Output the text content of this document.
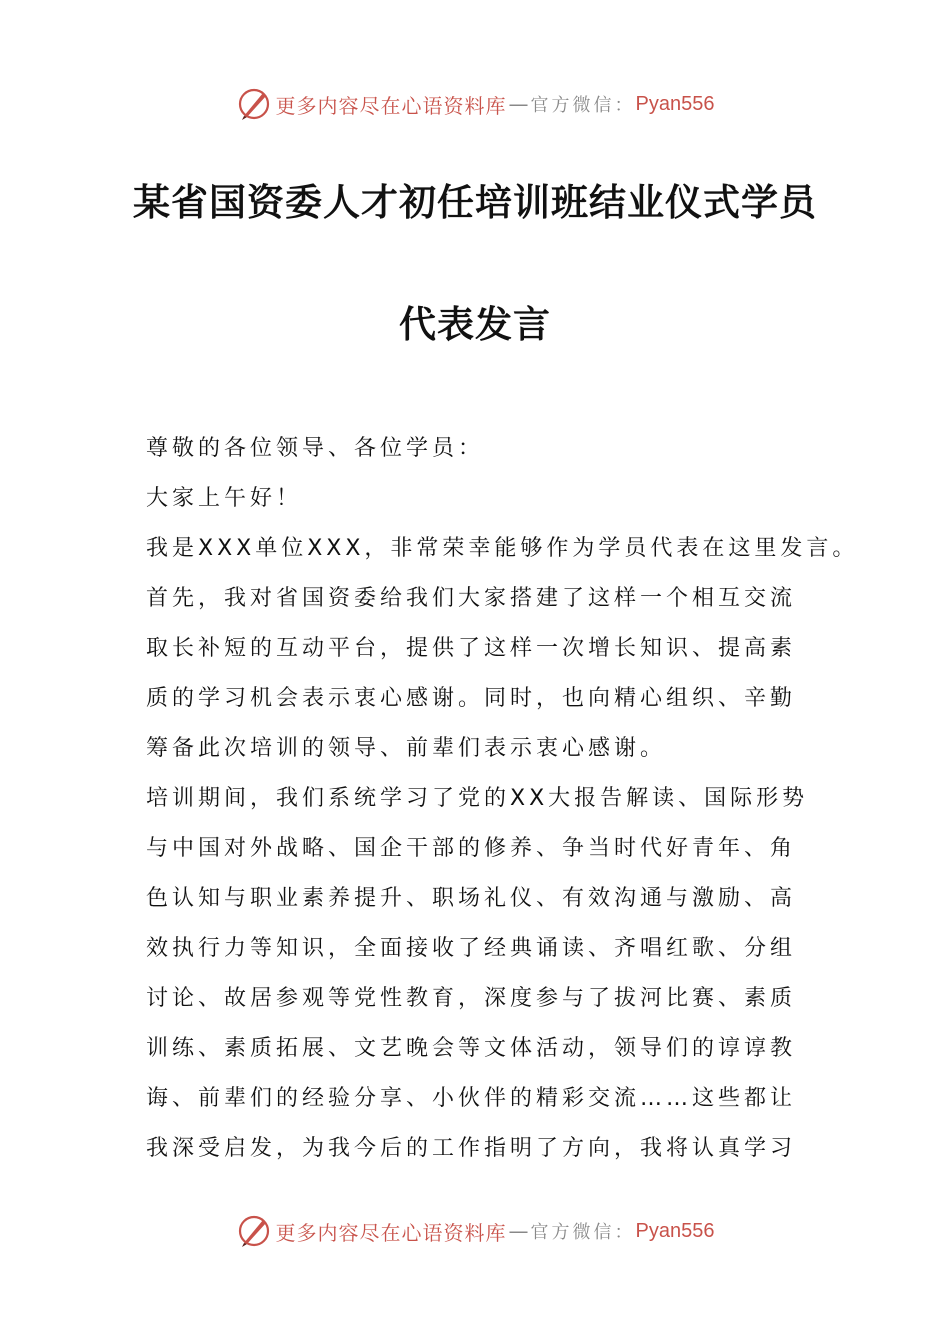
更多内容尽在心语资料库 — 官方微信： Pyan556
某省国资委人才初任培训班结业仪式学员
代表发言

尊敬的各位领导、各位学员：

大家上午好！

我是XXX单位XXX，非常荣幸能够作为学员代表在这里发言。

首先，我对省国资委给我们大家搭建了这样一个相互交流

取长补短的互动平台，提供了这样一次增长知识、提高素

质的学习机会表示衷心感谢。同时，也向精心组织、辛勤

筹备此次培训的领导、前辈们表示衷心感谢。

培训期间，我们系统学习了党的XX大报告解读、国际形势

与中国对外战略、国企干部的修养、争当时代好青年、角

色认知与职业素养提升、职场礼仪、有效沟通与激励、高

效执行力等知识，全面接收了经典诵读、齐唱红歌、分组

讨论、故居参观等党性教育，深度参与了拔河比赛、素质

训练、素质拓展、文艺晚会等文体活动，领导们的谆谆教

诲、前辈们的经验分享、小伙伴的精彩交流……这些都让

我深受启发，为我今后的工作指明了方向，我将认真学习

更多内容尽在心语资料库 — 官方微信： Pyan556
